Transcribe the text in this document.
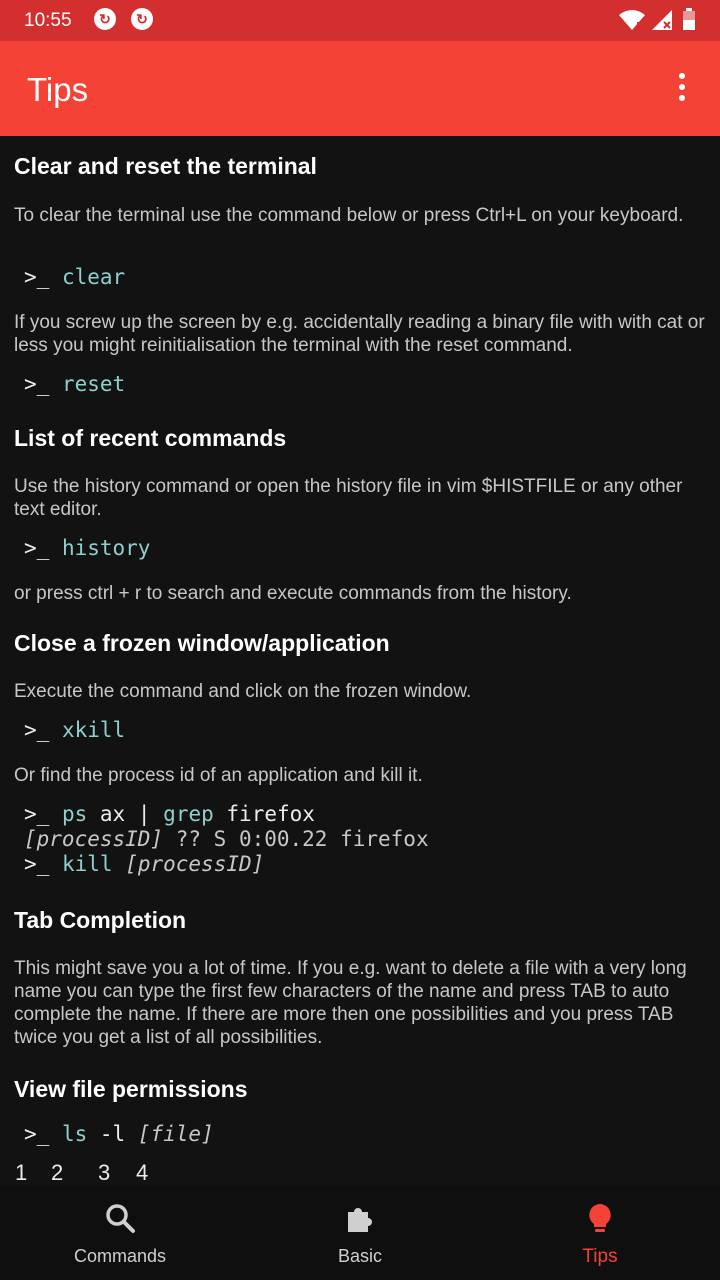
10:55	↻	↻
Tips
Clear and reset the terminal

To clear the terminal use the command below or press Ctrl+L on your keyboard.

>_ clear

If you screw up the screen by e.g. accidentally reading a binary file with with cat or less you might reinitialisation the terminal with the reset command.

>_ reset
List of recent commands

Use the history command or open the history file in vim $HISTFILE or any other text editor.

>_ history

or press ctrl + r to search and execute commands from the history.

Close a frozen window/application

Execute the command and click on the frozen window.

>_ xkill

Or find the process id of an application and kill it.

>_ ps ax | grep firefox
[processID] ?? S 0:00.22 firefox
>_ kill [processID]
Tab Completion

This might save you a lot of time. If you e.g. want to delete a file with a very long name you can type the first few characters of the name and press TAB to auto complete the name. If there are more then one possibilities and you press TAB twice you get a list of all possibilities.

View file permissions
>_ ls -l [file]
1 2 3 4
Commands	Basic	Tips
